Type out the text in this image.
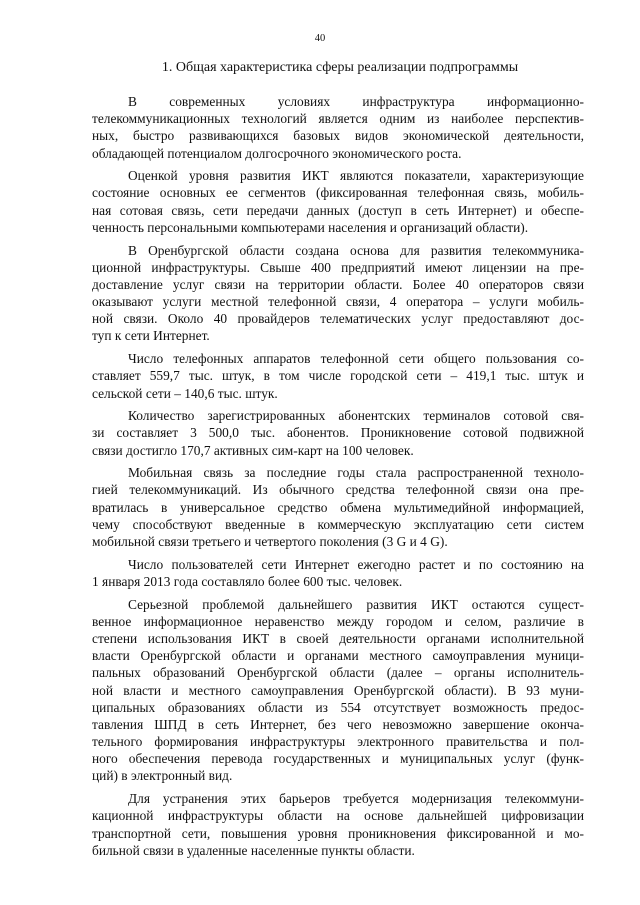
40
1. Общая характеристика сферы реализации подпрограммы
В современных условиях инфраструктура информационно-
телекоммуникационных технологий является одним из наиболее перспектив-
ных, быстро развивающихся базовых видов экономической деятельности,
обладающей потенциалом долгосрочного экономического роста.
Оценкой уровня развития ИКТ являются показатели, характеризующие
состояние основных ее сегментов (фиксированная телефонная связь, мобиль-
ная сотовая связь, сети передачи данных (доступ в сеть Интернет) и обеспе-
ченность персональными компьютерами населения и организаций области).
В Оренбургской области создана основа для развития телекоммуника-
ционной инфраструктуры. Свыше 400 предприятий имеют лицензии на пре-
доставление услуг связи на территории области. Более 40 операторов связи
оказывают услуги местной телефонной связи, 4 оператора – услуги мобиль-
ной связи. Около 40 провайдеров телематических услуг предоставляют дос-
туп к сети Интернет.
Число телефонных аппаратов телефонной сети общего пользования со-
ставляет 559,7 тыс. штук, в том числе городской сети – 419,1 тыс. штук и
сельской сети – 140,6 тыс. штук.
Количество зарегистрированных абонентских терминалов сотовой свя-
зи составляет 3 500,0 тыс. абонентов. Проникновение сотовой подвижной
связи достигло 170,7 активных сим-карт на 100 человек.
Мобильная связь за последние годы стала распространенной техноло-
гией телекоммуникаций. Из обычного средства телефонной связи она пре-
вратилась в универсальное средство обмена мультимедийной информацией,
чему способствуют введенные в коммерческую эксплуатацию сети систем
мобильной связи третьего и четвертого поколения (3 G и 4 G).
Число пользователей сети Интернет ежегодно растет и по состоянию на
1 января 2013 года составляло более 600 тыс. человек.
Серьезной проблемой дальнейшего развития ИКТ остаются сущест-
венное информационное неравенство между городом и селом, различие в
степени использования ИКТ в своей деятельности органами исполнительной
власти Оренбургской области и органами местного самоуправления муници-
пальных образований Оренбургской области (далее – органы исполнитель-
ной власти и местного самоуправления Оренбургской области). В 93 муни-
ципальных образованиях области из 554 отсутствует возможность предос-
тавления ШПД в сеть Интернет, без чего невозможно завершение оконча-
тельного формирования инфраструктуры электронного правительства и пол-
ного обеспечения перевода государственных и муниципальных услуг (функ-
ций) в электронный вид.
Для устранения этих барьеров требуется модернизация телекоммуни-
кационной инфраструктуры области на основе дальнейшей цифровизации
транспортной сети, повышения уровня проникновения фиксированной и мо-
бильной связи в удаленные населенные пункты области.
